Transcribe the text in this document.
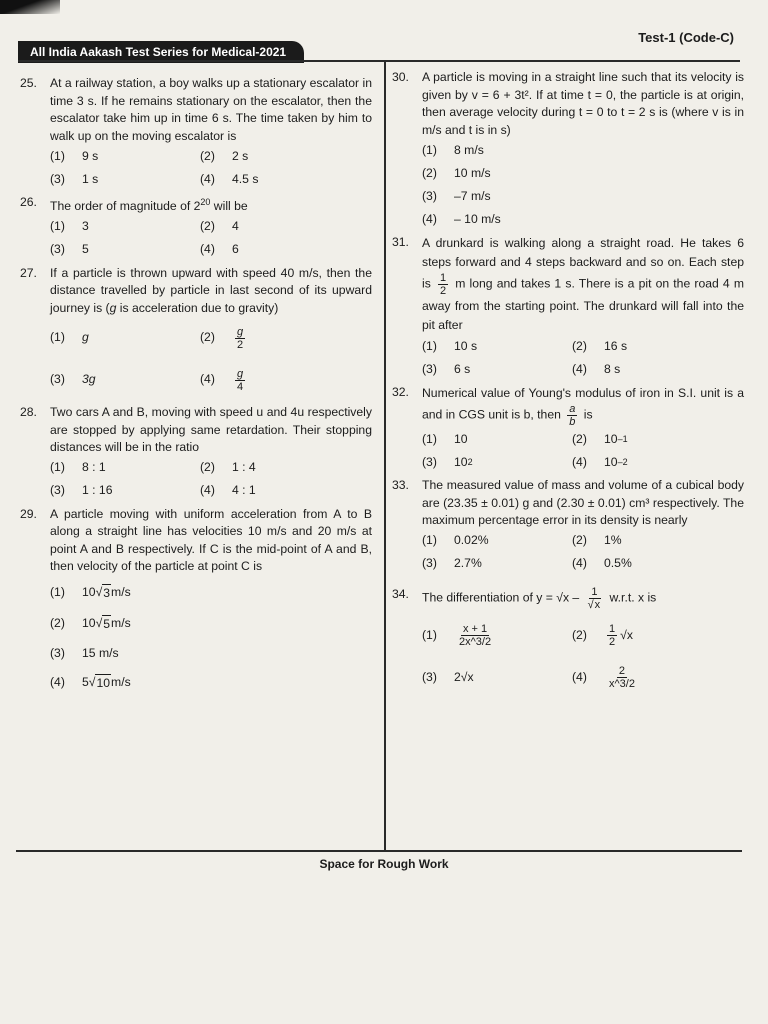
Test-1 (Code-C)
All India Aakash Test Series for Medical-2021
25.	At a railway station, a boy walks up a stationary escalator in time 3 s. If he remains stationary on the escalator, then the escalator take him up in time 6 s. The time taken by him to walk up on the moving escalator is
(1)	9 s	(2)	2 s
(3)	1 s	(4)	4.5 s
26.	The order of magnitude of $2^{20}$ will be
(1)	3	(2)	4
(3)	5	(4)	6
27.	If a particle is thrown upward with speed 40 m/s, then the distance travelled by particle in last second of its upward journey is (g is acceleration due to gravity)
(1)	g	(2)	$\frac{g}{2}$
(3)	3g	(4)	$\frac{g}{4}$
28.	Two cars A and B, moving with speed u and 4u respectively are stopped by applying same retardation. Their stopping distances will be in the ratio
(1)	8 : 1	(2)	1 : 4
(3)	1 : 16	(4)	4 : 1
29.	A particle moving with uniform acceleration from A to B along a straight line has velocities 10 m/s and 20 m/s at point A and B respectively. If C is the mid-point of A and B, then velocity of the particle at point C is
(1)	10 √ 3 m/s
(2)	10 √ 5 m/s
(3)	15 m/s
(4)	5 √ 10 m/s
30.	A particle is moving in a straight line such that its velocity is given by v = 6 + 3t². If at time t = 0, the particle is at origin, then average velocity during t = 0 to t = 2 s is (where v is in m/s and t is in s)
(1)	8 m/s
(2)	10 m/s
(3)	–7 m/s
(4)	– 10 m/s
31.	A drunkard is walking along a straight road. He takes 6 steps forward and 4 steps backward and so on. Each step is $\frac{1}{2}$ m long and takes 1 s. There is a pit on the road 4 m away from the starting point. The drunkard will fall into the pit after
(1)	10 s	(2)	16 s
(3)	6 s	(4)	8 s
32.	Numerical value of Young's modulus of iron in S.I. unit is a and in CGS unit is b, then $\frac{a}{b}$ is
(1)	10	(2)	10 –1
(3)	10 2	(4)	10 –2
33.	The measured value of mass and volume of a cubical body are (23.35 ± 0.01) g and (2.30 ± 0.01) cm³ respectively. The maximum percentage error in its density is nearly
(1)	0.02%	(2)	1%
(3)	2.7%	(4)	0.5%
34.	The differentiation of $y = √x - \frac{1}{√x} w.r.t$. x is
(1)	$\frac{x + 1}{2x\^{}3/2}$	(2)	$\frac{1}{2} √x$
(3)	2√x	(4)	$\frac{2}{x\^{}3/2}$
Space for Rough Work
